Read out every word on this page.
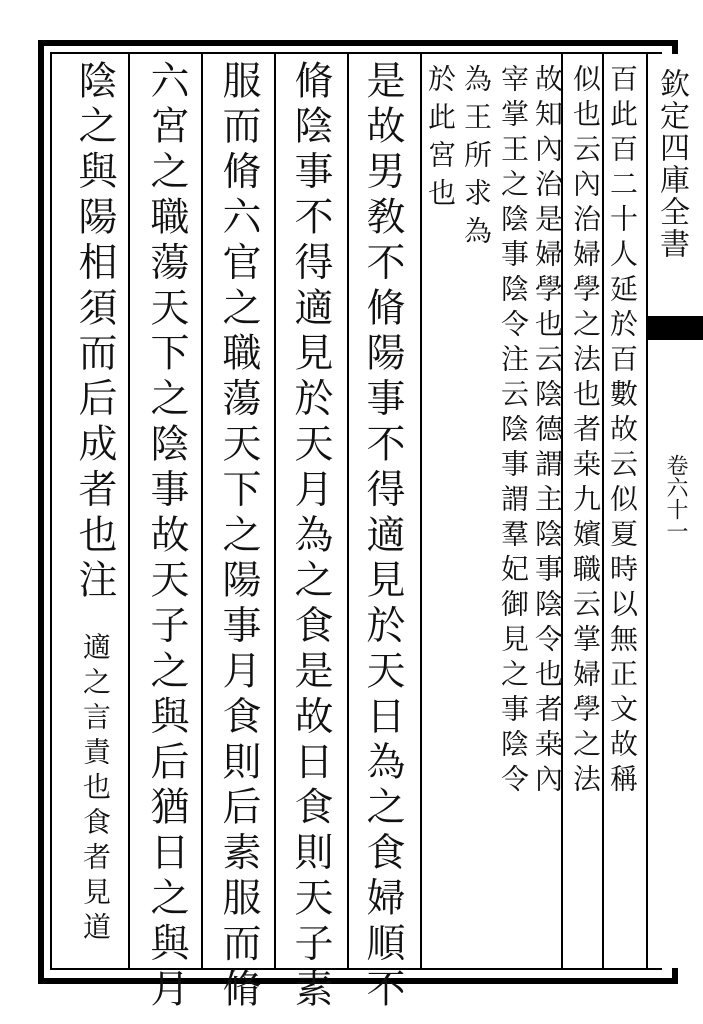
欽定四庫全書
卷六十一
百此百二十人延於百數故云似夏時以無正文故稱
似也云內治婦學之法也者桒九嬪職云掌婦學之法
故知內治是婦學也云陰德謂主陰事陰令也者桒內
宰掌王之陰事陰令注云陰事謂羣妃御見之事陰令
為王所求為
於此宮也
是故男敎不脩陽事不得適見於天日為之食婦順不
脩陰事不得適見於天月為之食是故日食則天子素
服而脩六官之職蕩天下之陽事月食則后素服而脩
六宮之職蕩天下之陰事故天子之與后猶日之與月
陰之與陽相須而后成者也注
適之言責也食者見道
